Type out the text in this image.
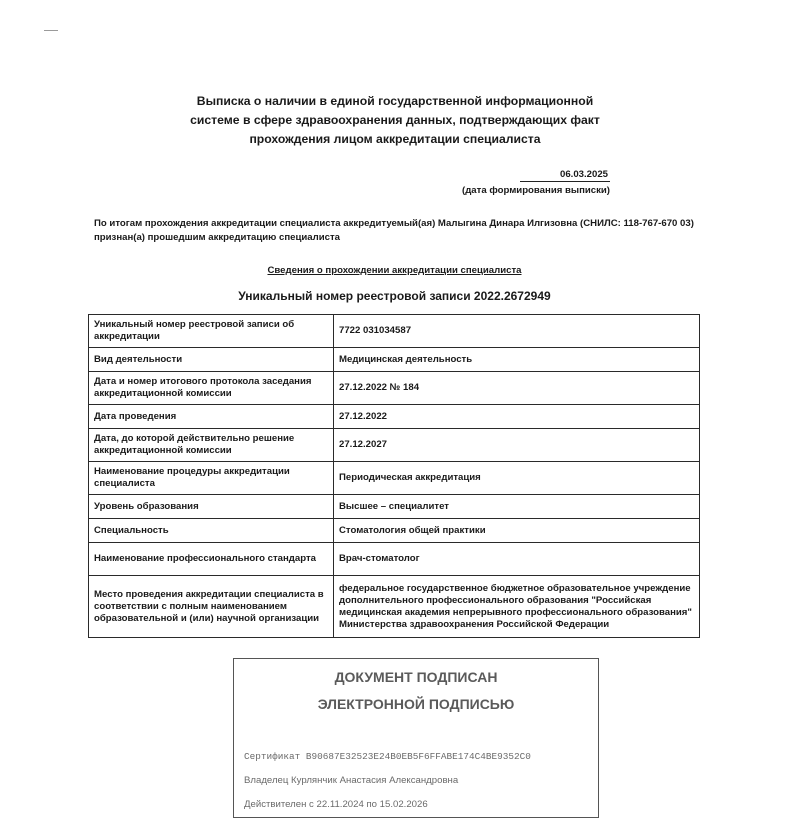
Выписка о наличии в единой государственной информационной
системе в сфере здравоохранения данных, подтверждающих факт
прохождения лицом аккредитации специалиста
06.03.2025
(дата формирования выписки)
По итогам прохождения аккредитации специалиста аккредитуемый(ая) Малыгина Динара Илгизовна (СНИЛС: 118-767-670 03) признан(а) прошедшим аккредитацию специалиста
Сведения о прохождении аккредитации специалиста
Уникальный номер реестровой записи 2022.2672949
Уникальный номер реестровой записи об аккредитации	7722 031034587
Вид деятельности	Медицинская деятельность
Дата и номер итогового протокола заседания аккредитационной комиссии	27.12.2022 № 184
Дата проведения	27.12.2022
Дата, до которой действительно решение аккредитационной комиссии	27.12.2027
Наименование процедуры аккредитации специалиста	Периодическая аккредитация
Уровень образования	Высшее – специалитет
Специальность	Стоматология общей практики
Наименование профессионального стандарта	Врач-стоматолог
Место проведения аккредитации специалиста в соответствии с полным наименованием образовательной и (или) научной организации	федеральное государственное бюджетное образовательное учреждение дополнительного профессионального образования "Российская медицинская академия непрерывного профессионального образования" Министерства здравоохранения Российской Федерации
ДОКУМЕНТ ПОДПИСАН
ЭЛЕКТРОННОЙ ПОДПИСЬЮ
Сертификат B90687E32523E24B0EB5F6FFABE174C4BE9352C0
Владелец Курлянчик Анастасия Александровна
Действителен с 22.11.2024 по 15.02.2026
